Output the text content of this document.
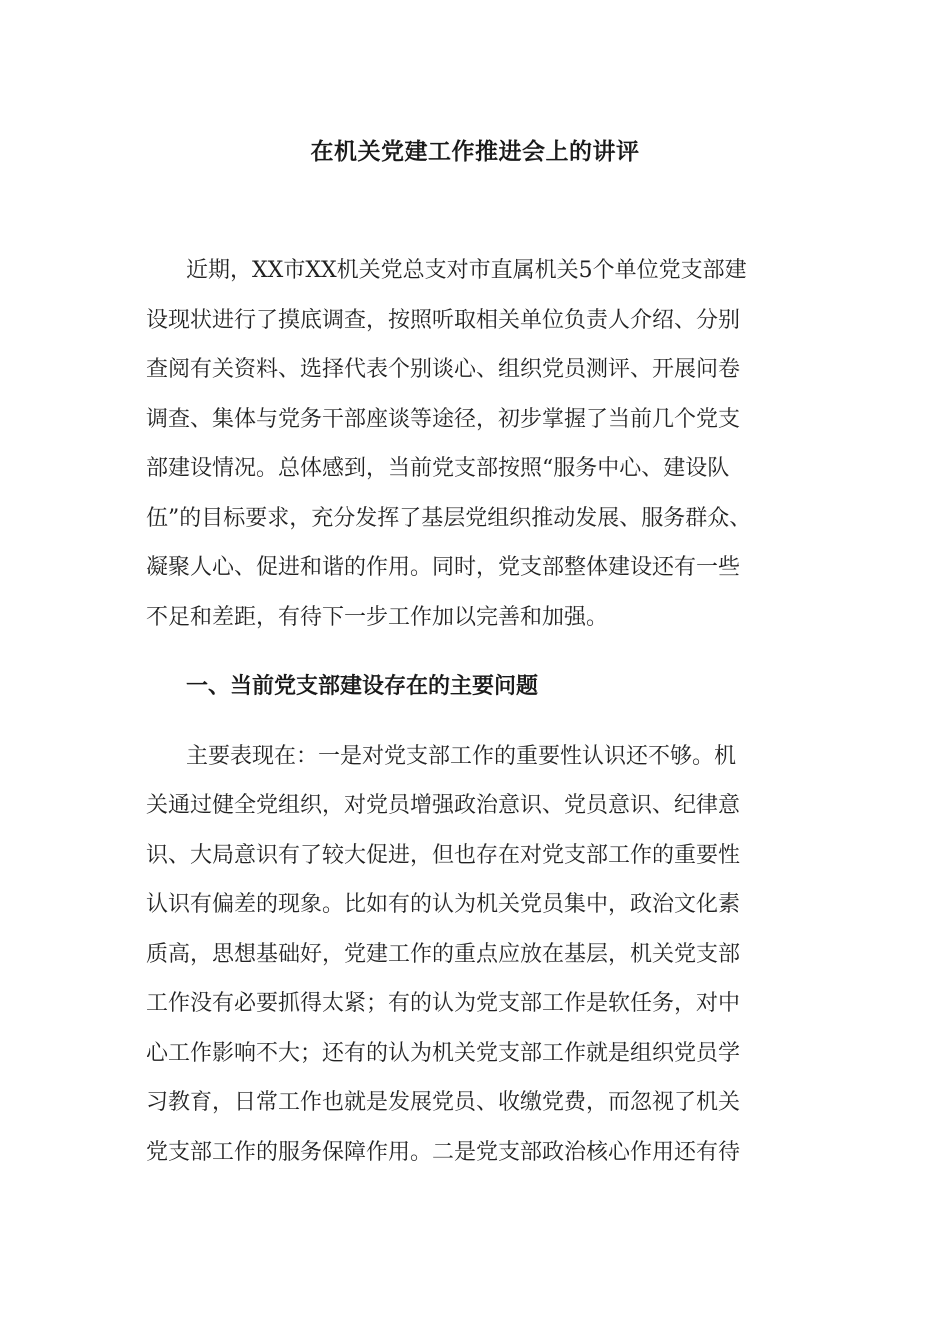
在机关党建工作推进会上的讲评
近期，XX市XX机关党总支对市直属机关5个单位党支部建
设现状进行了摸底调查，按照听取相关单位负责人介绍、分别
查阅有关资料、选择代表个别谈心、组织党员测评、开展问卷
调查、集体与党务干部座谈等途径，初步掌握了当前几个党支
部建设情况。总体感到，当前党支部按照“服务中心、建设队
伍”的目标要求，充分发挥了基层党组织推动发展、服务群众、
凝聚人心、促进和谐的作用。同时，党支部整体建设还有一些
不足和差距，有待下一步工作加以完善和加强。
一、当前党支部建设存在的主要问题
主要表现在：一是对党支部工作的重要性认识还不够。机
关通过健全党组织，对党员增强政治意识、党员意识、纪律意
识、大局意识有了较大促进，但也存在对党支部工作的重要性
认识有偏差的现象。比如有的认为机关党员集中，政治文化素
质高，思想基础好，党建工作的重点应放在基层，机关党支部
工作没有必要抓得太紧；有的认为党支部工作是软任务，对中
心工作影响不大；还有的认为机关党支部工作就是组织党员学
习教育，日常工作也就是发展党员、收缴党费，而忽视了机关
党支部工作的服务保障作用。二是党支部政治核心作用还有待
